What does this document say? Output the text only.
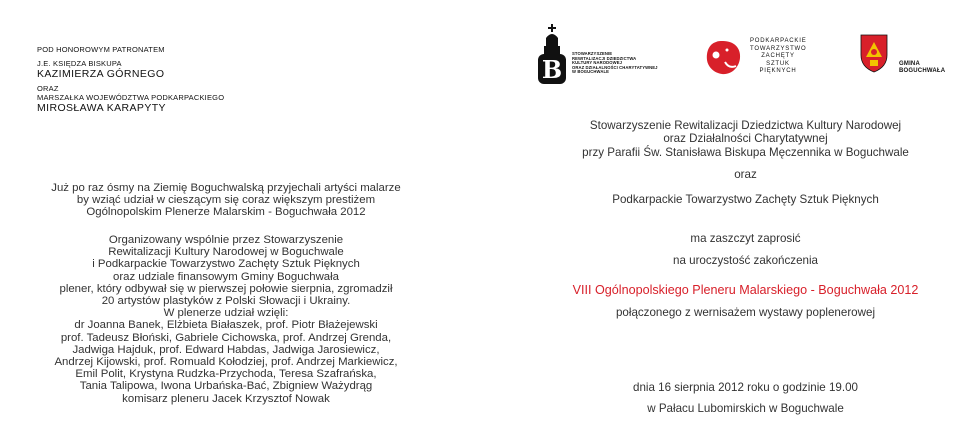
POD HONOROWYM PATRONATEM
J.E. KSIĘDZA BISKUPA
KAZIMIERZA GÓRNEGO
ORAZ
MARSZAŁKA WOJEWÓDZTWA PODKARPACKIEGO
MIROSŁAWA KARAPYTY
B
STOWARZYSZENIE
REWITALIZACJI DZIEDZICTWA
KULTURY NARODOWEJ
ORAZ DZIAŁALNOŚCI CHARYTATYWNEJ
W BOGUCHWALE
PODKARPACKIE
TOWARZYSTWO
ZACHĘTY
SZTUK PIĘKNYCH
GMINA
BOGUCHWAŁA
Już po raz ósmy na Ziemię Boguchwalską przyjechali artyści malarze
by wziąć udział w cieszącym się coraz większym prestiżem
Ogólnopolskim Plenerze Malarskim - Boguchwała 2012
Organizowany wspólnie przez Stowarzyszenie
Rewitalizacji Kultury Narodowej w Boguchwale
i Podkarpackie Towarzystwo Zachęty Sztuk Pięknych
oraz udziale finansowym Gminy Boguchwała
plener, który odbywał się w pierwszej połowie sierpnia, zgromadził
20 artystów plastyków z Polski Słowacji i Ukrainy.
W plenerze udział wzięli:
dr Joanna Banek, Elżbieta Białaszek, prof. Piotr Błażejewski
prof. Tadeusz Błoński, Gabriele Cichowska, prof. Andrzej Grenda,
Jadwiga Hajduk, prof. Edward Habdas, Jadwiga Jarosiewicz,
Andrzej Kijowski, prof. Romuald Kołodziej, prof. Andrzej Markiewicz,
Emil Polit, Krystyna Rudzka-Przychoda, Teresa Szafrańska,
Tania Talipowa, Iwona Urbańska-Bać, Zbigniew Ważydrąg
komisarz pleneru Jacek Krzysztof Nowak
Stowarzyszenie Rewitalizacji Dziedzictwa Kultury Narodowej
oraz Działalności Charytatywnej
przy Parafii Św. Stanisława Biskupa Męczennika w Boguchwale
oraz
Podkarpackie Towarzystwo Zachęty Sztuk Pięknych
ma zaszczyt zaprosić
na uroczystość zakończenia
VIII Ogólnopolskiego Pleneru Malarskiego - Boguchwała 2012
połączonego z wernisażem wystawy poplenerowej
dnia 16 sierpnia 2012 roku o godzinie 19.00
w Pałacu Lubomirskich w Boguchwale
